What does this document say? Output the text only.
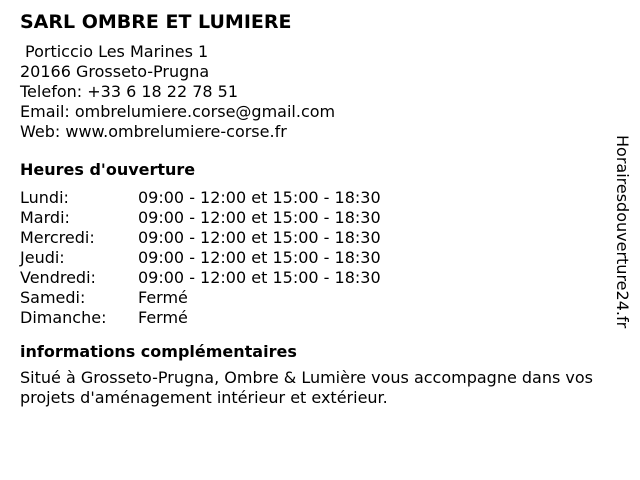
SARL OMBRE ET LUMIERE
Porticcio Les Marines 1
20166 Grosseto-Prugna
Telefon: +33 6 18 22 78 51
Email: ombrelumiere.corse@gmail.com
Web: www.ombrelumiere-corse.fr
Heures d'ouverture
Lundi:	09:00 - 12:00 et 15:00 - 18:30
Mardi:	09:00 - 12:00 et 15:00 - 18:30
Mercredi:	09:00 - 12:00 et 15:00 - 18:30
Jeudi:	09:00 - 12:00 et 15:00 - 18:30
Vendredi:	09:00 - 12:00 et 15:00 - 18:30
Samedi:	Fermé
Dimanche:	Fermé
informations complémentaires
Situé à Grosseto-Prugna, Ombre & Lumière vous accompagne dans vos projets d'aménagement intérieur et extérieur.
Horairesdouverture24.fr
